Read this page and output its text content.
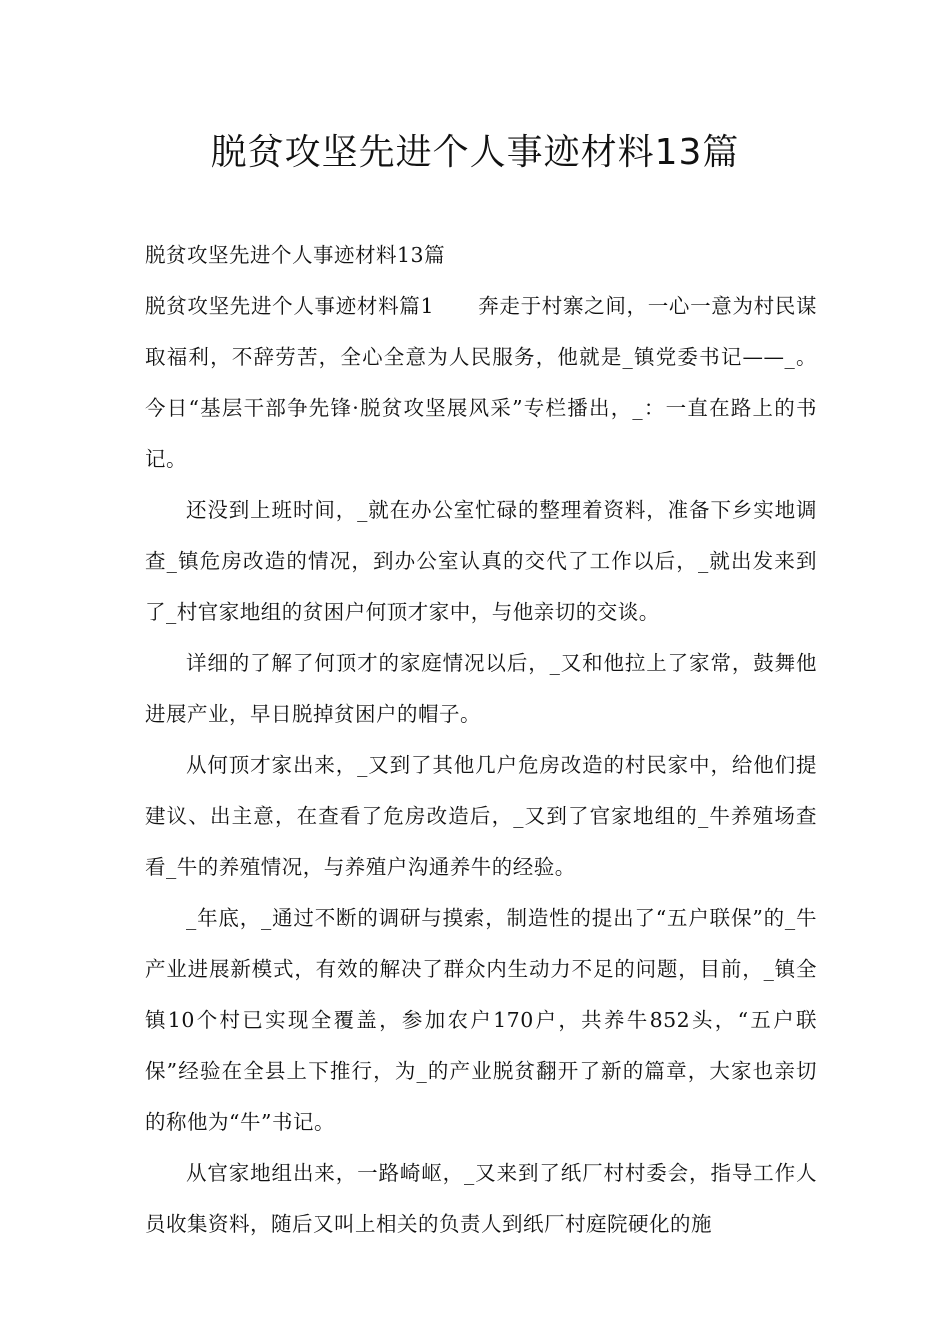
脱贫攻坚先进个人事迹材料13篇

脱贫攻坚先进个人事迹材料13篇

脱贫攻坚先进个人事迹材料篇1 奔走于村寨之间，一心一意为村民谋取福利，不辞劳苦，全心全意为人民服务，他就是_镇党委书记——_。今日“基层干部争先锋·脱贫攻坚展风采”专栏播出，_：一直在路上的书记。

还没到上班时间，_就在办公室忙碌的整理着资料，准备下乡实地调查_镇危房改造的情况，到办公室认真的交代了工作以后，_就出发来到了_村官家地组的贫困户何顶才家中，与他亲切的交谈。

详细的了解了何顶才的家庭情况以后，_又和他拉上了家常，鼓舞他进展产业，早日脱掉贫困户的帽子。

从何顶才家出来，_又到了其他几户危房改造的村民家中，给他们提建议、出主意，在查看了危房改造后，_又到了官家地组的_牛养殖场查看_牛的养殖情况，与养殖户沟通养牛的经验。

_年底，_通过不断的调研与摸索，制造性的提出了“五户联保”的_牛产业进展新模式，有效的解决了群众内生动力不足的问题，目前，_镇全镇10个村已实现全覆盖，参加农户170户，共养牛852头，“五户联保”经验在全县上下推行，为_的产业脱贫翻开了新的篇章，大家也亲切的称他为“牛”书记。

从官家地组出来，一路崎岖，_又来到了纸厂村村委会，指导工作人员收集资料，随后又叫上相关的负责人到纸厂村庭院硬化的施
